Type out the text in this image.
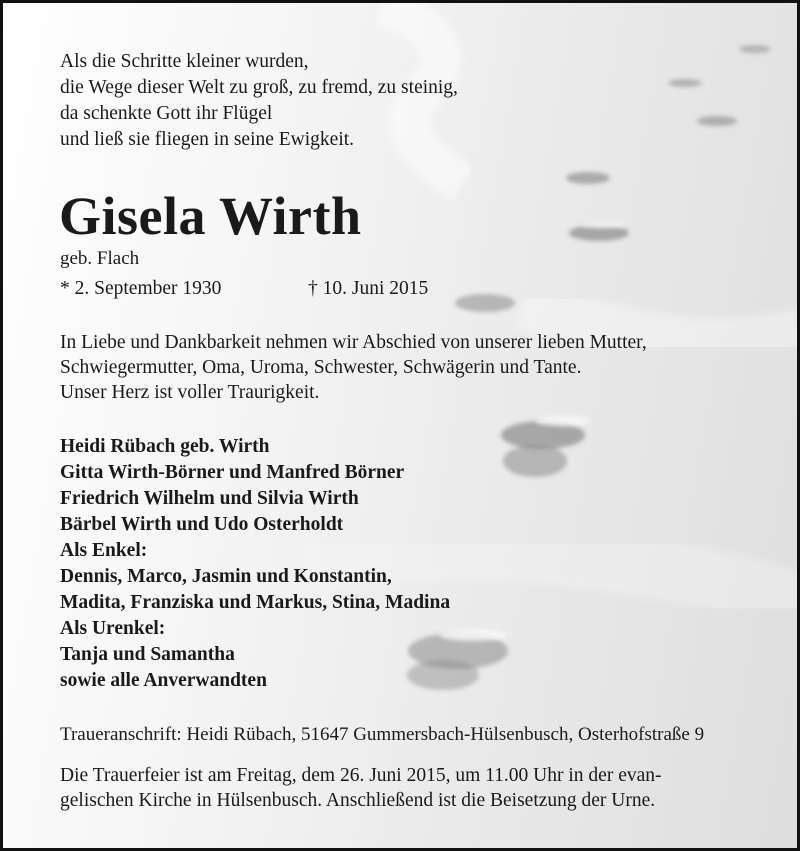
Als die Schritte kleiner wurden,
die Wege dieser Welt zu groß, zu fremd, zu steinig,
da schenkte Gott ihr Flügel
und ließ sie fliegen in seine Ewigkeit.
Gisela Wirth
geb. Flach
* 2. September 1930	† 10. Juni 2015
In Liebe und Dankbarkeit nehmen wir Abschied von unserer lieben Mutter,
Schwiegermutter, Oma, Uroma, Schwester, Schwägerin und Tante.
Unser Herz ist voller Traurigkeit.
Heidi Rübach geb. Wirth
Gitta Wirth-Börner und Manfred Börner
Friedrich Wilhelm und Silvia Wirth
Bärbel Wirth und Udo Osterholdt
Als Enkel:
Dennis, Marco, Jasmin und Konstantin,
Madita, Franziska und Markus, Stina, Madina
Als Urenkel:
Tanja und Samantha
sowie alle Anverwandten
Traueranschrift: Heidi Rübach, 51647 Gummersbach-Hülsenbusch, Osterhofstraße 9
Die Trauerfeier ist am Freitag, dem 26. Juni 2015, um 11.00 Uhr in der evan-
gelischen Kirche in Hülsenbusch. Anschließend ist die Beisetzung der Urne.
